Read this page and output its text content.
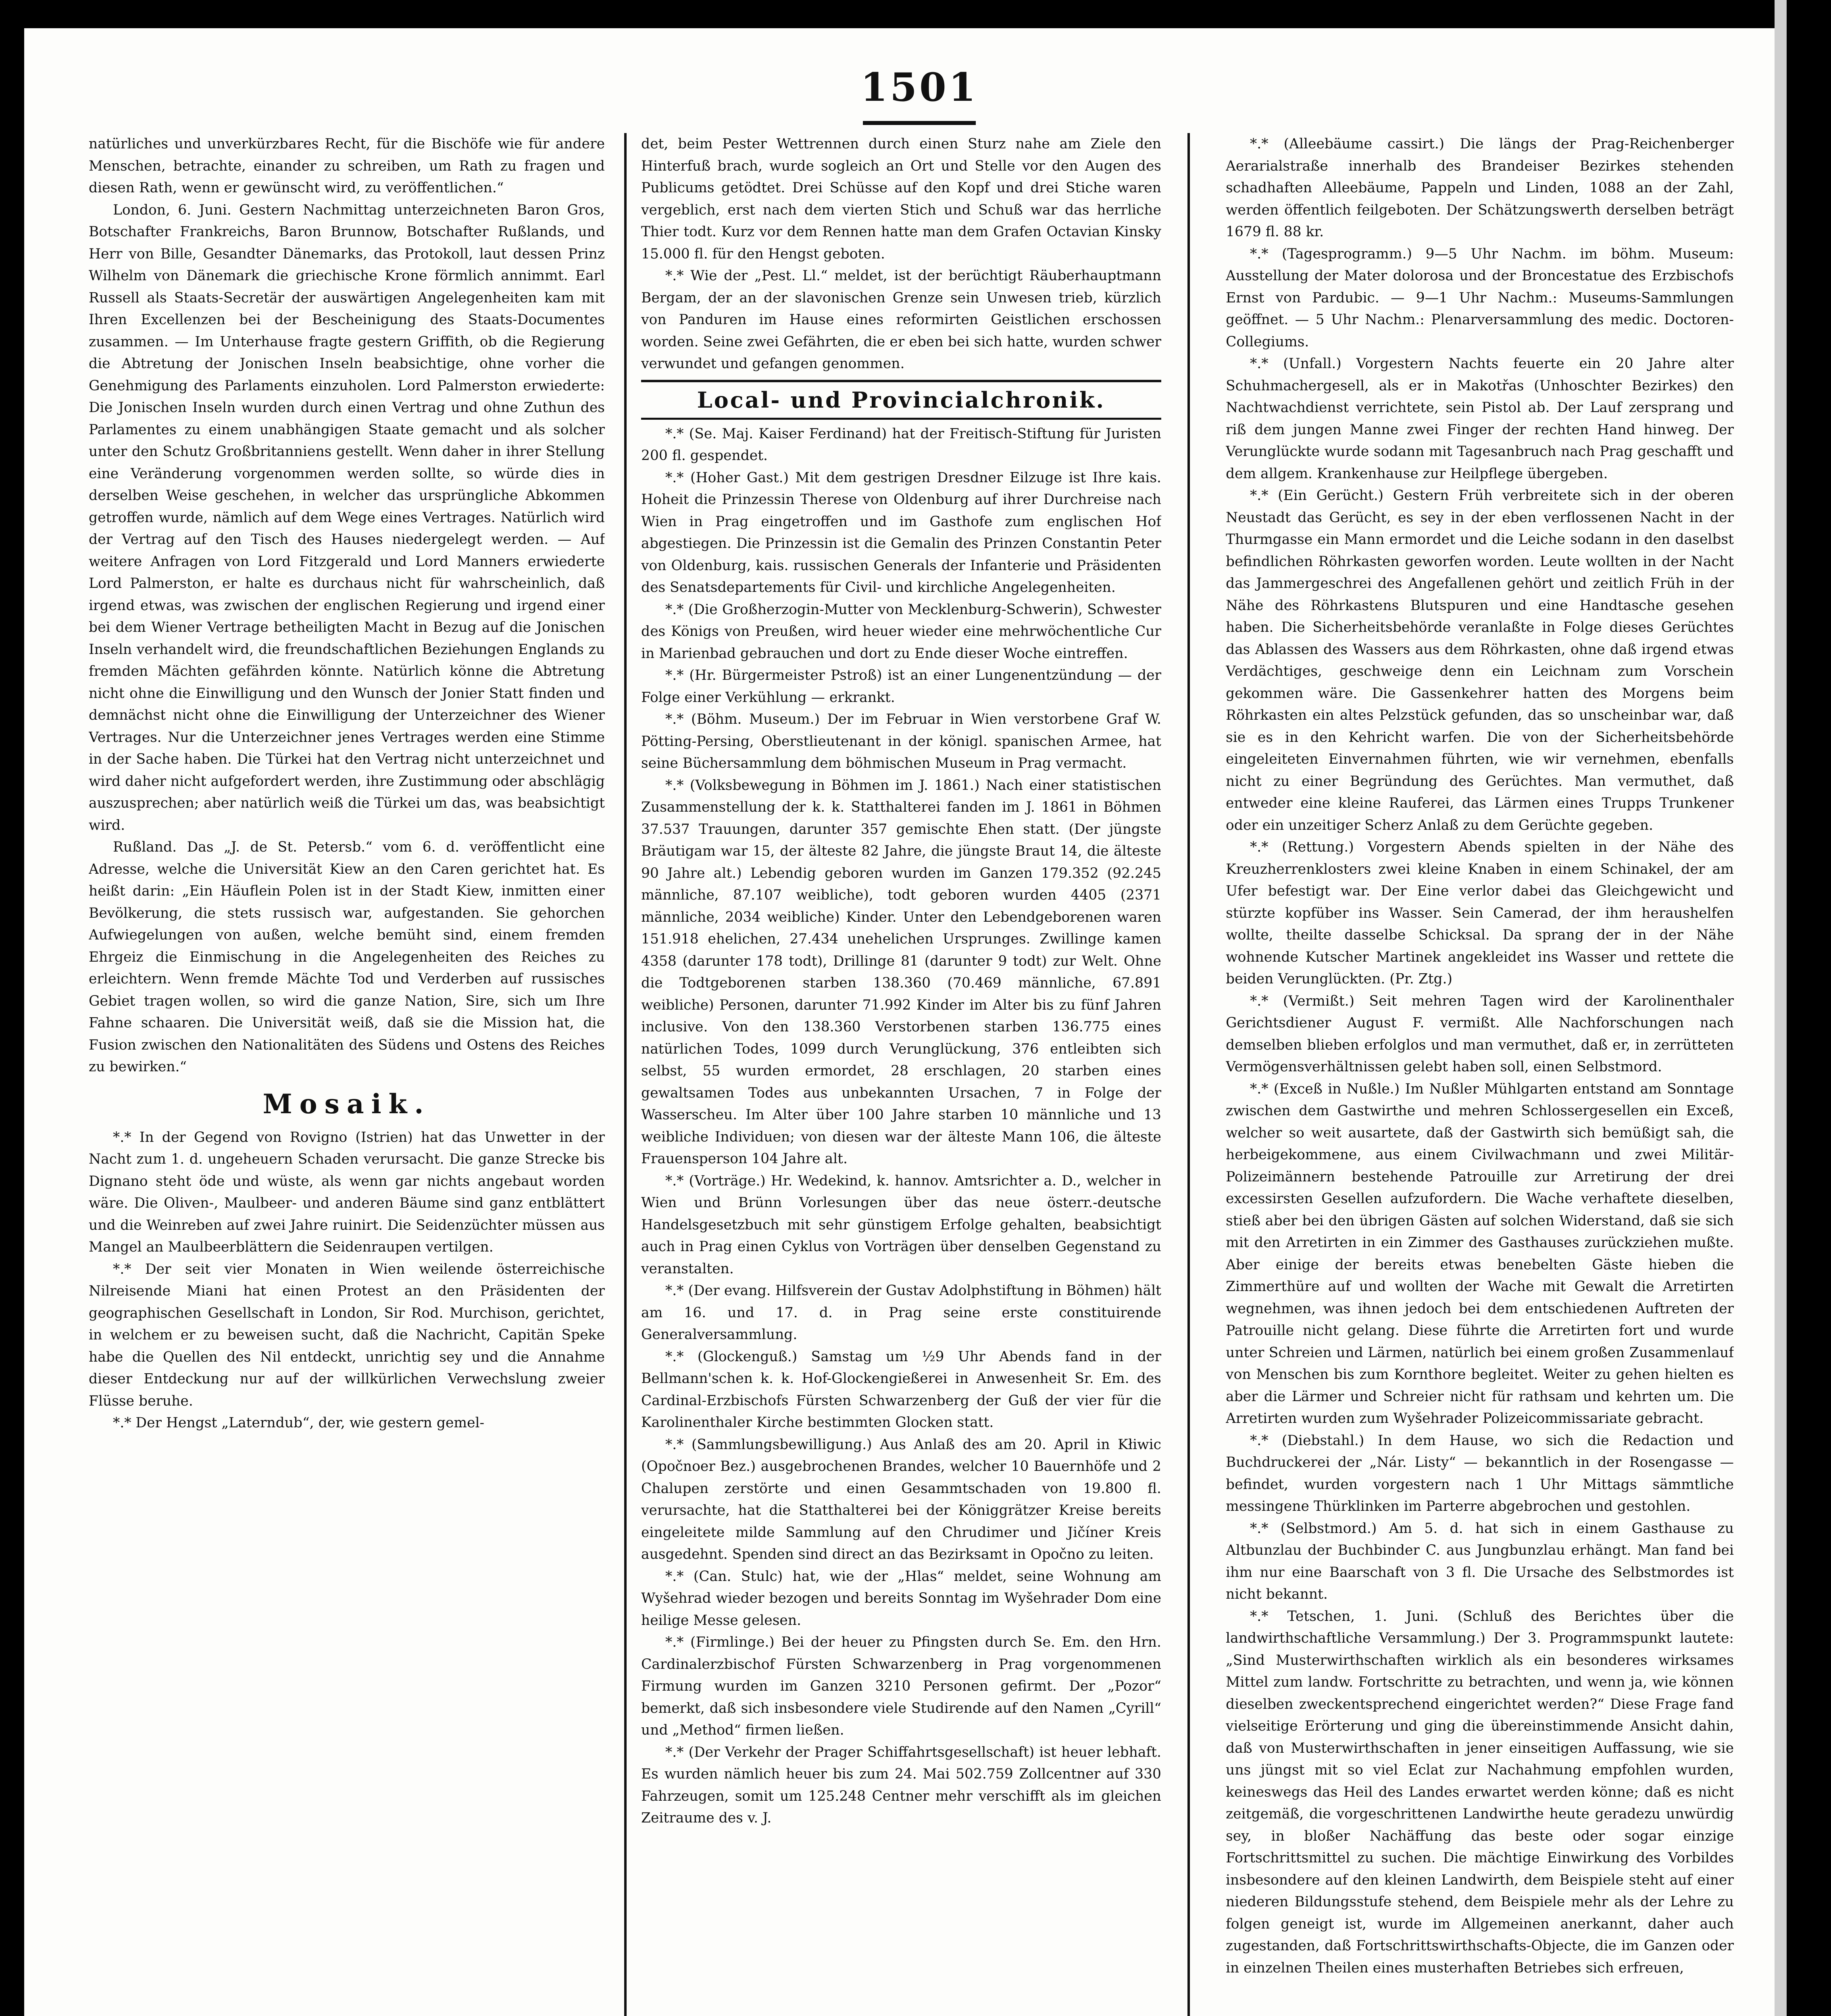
1501

natürliches und unverkürzbares Recht, für die Bischöfe wie für andere Menschen, betrachte, einander zu schreiben, um Rath zu fragen und diesen Rath, wenn er gewünscht wird, zu veröffentlichen.“

London, 6. Juni. Gestern Nachmittag unterzeichneten Baron Gros, Botschafter Frankreichs, Baron Brunnow, Botschafter Rußlands, und Herr von Bille, Gesandter Dänemarks, das Protokoll, laut dessen Prinz Wilhelm von Dänemark die griechische Krone förmlich annimmt. Earl Russell als Staats-Secretär der auswärtigen Angelegenheiten kam mit Ihren Excellenzen bei der Bescheinigung des Staats-Documentes zusammen. — Im Unterhause fragte gestern Griffith, ob die Regierung die Abtretung der Jonischen Inseln beabsichtige, ohne vorher die Genehmigung des Parlaments einzuholen. Lord Palmerston erwiederte: Die Jonischen Inseln wurden durch einen Vertrag und ohne Zuthun des Parlamentes zu einem unabhängigen Staate gemacht und als solcher unter den Schutz Großbritanniens gestellt. Wenn daher in ihrer Stellung eine Veränderung vorgenommen werden sollte, so würde dies in derselben Weise geschehen, in welcher das ursprüngliche Abkommen getroffen wurde, nämlich auf dem Wege eines Vertrages. Natürlich wird der Vertrag auf den Tisch des Hauses niedergelegt werden. — Auf weitere Anfragen von Lord Fitzgerald und Lord Manners erwiederte Lord Palmerston, er halte es durchaus nicht für wahrscheinlich, daß irgend etwas, was zwischen der englischen Regierung und irgend einer bei dem Wiener Vertrage betheiligten Macht in Bezug auf die Jonischen Inseln verhandelt wird, die freundschaftlichen Beziehungen Englands zu fremden Mächten gefährden könnte. Natürlich könne die Abtretung nicht ohne die Einwilligung und den Wunsch der Jonier Statt finden und demnächst nicht ohne die Einwilligung der Unterzeichner des Wiener Vertrages. Nur die Unterzeichner jenes Vertrages werden eine Stimme in der Sache haben. Die Türkei hat den Vertrag nicht unterzeichnet und wird daher nicht aufgefordert werden, ihre Zustimmung oder abschlägig auszusprechen; aber natürlich weiß die Türkei um das, was beabsichtigt wird.

Rußland. Das „J. de St. Petersb.“ vom 6. d. veröffentlicht eine Adresse, welche die Universität Kiew an den Caren gerichtet hat. Es heißt darin: „Ein Häuflein Polen ist in der Stadt Kiew, inmitten einer Bevölkerung, die stets russisch war, aufgestanden. Sie gehorchen Aufwiegelungen von außen, welche bemüht sind, einem fremden Ehrgeiz die Einmischung in die Angelegenheiten des Reiches zu erleichtern. Wenn fremde Mächte Tod und Verderben auf russisches Gebiet tragen wollen, so wird die ganze Nation, Sire, sich um Ihre Fahne schaaren. Die Universität weiß, daß sie die Mission hat, die Fusion zwischen den Nationalitäten des Südens und Ostens des Reiches zu bewirken.“

Mosaik.

*.* In der Gegend von Rovigno (Istrien) hat das Unwetter in der Nacht zum 1. d. ungeheuern Schaden verursacht. Die ganze Strecke bis Dignano steht öde und wüste, als wenn gar nichts angebaut worden wäre. Die Oliven-, Maulbeer- und anderen Bäume sind ganz entblättert und die Weinreben auf zwei Jahre ruinirt. Die Seidenzüchter müssen aus Mangel an Maulbeerblättern die Seidenraupen vertilgen.

*.* Der seit vier Monaten in Wien weilende österreichische Nilreisende Miani hat einen Protest an den Präsidenten der geographischen Gesellschaft in London, Sir Rod. Murchison, gerichtet, in welchem er zu beweisen sucht, daß die Nachricht, Capitän Speke habe die Quellen des Nil entdeckt, unrichtig sey und die Annahme dieser Entdeckung nur auf der willkürlichen Verwechslung zweier Flüsse beruhe.

*.* Der Hengst „Laterndub“, der, wie gestern gemel-

det, beim Pester Wettrennen durch einen Sturz nahe am Ziele den Hinterfuß brach, wurde sogleich an Ort und Stelle vor den Augen des Publicums getödtet. Drei Schüsse auf den Kopf und drei Stiche waren vergeblich, erst nach dem vierten Stich und Schuß war das herrliche Thier todt. Kurz vor dem Rennen hatte man dem Grafen Octavian Kinsky 15.000 fl. für den Hengst geboten.

*.* Wie der „Pest. Ll.“ meldet, ist der berüchtigt Räuberhauptmann Bergam, der an der slavonischen Grenze sein Unwesen trieb, kürzlich von Panduren im Hause eines reformirten Geistlichen erschossen worden. Seine zwei Gefährten, die er eben bei sich hatte, wurden schwer verwundet und gefangen genommen.

Local- und Provincialchronik.

*.* (Se. Maj. Kaiser Ferdinand) hat der Freitisch-Stiftung für Juristen 200 fl. gespendet.

*.* (Hoher Gast.) Mit dem gestrigen Dresdner Eilzuge ist Ihre kais. Hoheit die Prinzessin Therese von Oldenburg auf ihrer Durchreise nach Wien in Prag eingetroffen und im Gasthofe zum englischen Hof abgestiegen. Die Prinzessin ist die Gemalin des Prinzen Constantin Peter von Oldenburg, kais. russischen Generals der Infanterie und Präsidenten des Senatsdepartements für Civil- und kirchliche Angelegenheiten.

*.* (Die Großherzogin-Mutter von Mecklenburg-Schwerin), Schwester des Königs von Preußen, wird heuer wieder eine mehrwöchentliche Cur in Marienbad gebrauchen und dort zu Ende dieser Woche eintreffen.

*.* (Hr. Bürgermeister Pstroß) ist an einer Lungenentzündung — der Folge einer Verkühlung — erkrankt.

*.* (Böhm. Museum.) Der im Februar in Wien verstorbene Graf W. Pötting-Persing, Oberstlieutenant in der königl. spanischen Armee, hat seine Büchersammlung dem böhmischen Museum in Prag vermacht.

*.* (Volksbewegung in Böhmen im J. 1861.) Nach einer statistischen Zusammenstellung der k. k. Statthalterei fanden im J. 1861 in Böhmen 37.537 Trauungen, darunter 357 gemischte Ehen statt. (Der jüngste Bräutigam war 15, der älteste 82 Jahre, die jüngste Braut 14, die älteste 90 Jahre alt.) Lebendig geboren wurden im Ganzen 179.352 (92.245 männliche, 87.107 weibliche), todt geboren wurden 4405 (2371 männliche, 2034 weibliche) Kinder. Unter den Lebendgeborenen waren 151.918 ehelichen, 27.434 unehelichen Ursprunges. Zwillinge kamen 4358 (darunter 178 todt), Drillinge 81 (darunter 9 todt) zur Welt. Ohne die Todtgeborenen starben 138.360 (70.469 männliche, 67.891 weibliche) Personen, darunter 71.992 Kinder im Alter bis zu fünf Jahren inclusive. Von den 138.360 Verstorbenen starben 136.775 eines natürlichen Todes, 1099 durch Verunglückung, 376 entleibten sich selbst, 55 wurden ermordet, 28 erschlagen, 20 starben eines gewaltsamen Todes aus unbekannten Ursachen, 7 in Folge der Wasserscheu. Im Alter über 100 Jahre starben 10 männliche und 13 weibliche Individuen; von diesen war der älteste Mann 106, die älteste Frauensperson 104 Jahre alt.

*.* (Vorträge.) Hr. Wedekind, k. hannov. Amtsrichter a. D., welcher in Wien und Brünn Vorlesungen über das neue österr.-deutsche Handelsgesetzbuch mit sehr günstigem Erfolge gehalten, beabsichtigt auch in Prag einen Cyklus von Vorträgen über denselben Gegenstand zu veranstalten.

*.* (Der evang. Hilfsverein der Gustav Adolphstiftung in Böhmen) hält am 16. und 17. d. in Prag seine erste constituirende Generalversammlung.

*.* (Glockenguß.) Samstag um ½9 Uhr Abends fand in der Bellmann'schen k. k. Hof-Glockengießerei in Anwesenheit Sr. Em. des Cardinal-Erzbischofs Fürsten Schwarzenberg der Guß der vier für die Karolinenthaler Kirche bestimmten Glocken statt.

*.* (Sammlungsbewilligung.) Aus Anlaß des am 20. April in Kłiwic (Opočnoer Bez.) ausgebrochenen Brandes, welcher 10 Bauernhöfe und 2 Chalupen zerstörte und einen Gesammtschaden von 19.800 fl. verursachte, hat die Statthalterei bei der Königgrätzer Kreise bereits eingeleitete milde Sammlung auf den Chrudimer und Jičíner Kreis ausgedehnt. Spenden sind direct an das Bezirksamt in Opočno zu leiten.

*.* (Can. Stulc) hat, wie der „Hlas“ meldet, seine Wohnung am Wyšehrad wieder bezogen und bereits Sonntag im Wyšehrader Dom eine heilige Messe gelesen.

*.* (Firmlinge.) Bei der heuer zu Pfingsten durch Se. Em. den Hrn. Cardinalerzbischof Fürsten Schwarzenberg in Prag vorgenommenen Firmung wurden im Ganzen 3210 Personen gefirmt. Der „Pozor“ bemerkt, daß sich insbesondere viele Studirende auf den Namen „Cyrill“ und „Method“ firmen ließen.

*.* (Der Verkehr der Prager Schiffahrtsgesellschaft) ist heuer lebhaft. Es wurden nämlich heuer bis zum 24. Mai 502.759 Zollcentner auf 330 Fahrzeugen, somit um 125.248 Centner mehr verschifft als im gleichen Zeitraume des v. J.

*.* (Alleebäume cassirt.) Die längs der Prag-Reichenberger Aerarialstraße innerhalb des Brandeiser Bezirkes stehenden schadhaften Alleebäume, Pappeln und Linden, 1088 an der Zahl, werden öffentlich feilgeboten. Der Schätzungswerth derselben beträgt 1679 fl. 88 kr.

*.* (Tagesprogramm.) 9—5 Uhr Nachm. im böhm. Museum: Ausstellung der Mater dolorosa und der Broncestatue des Erzbischofs Ernst von Pardubic. — 9—1 Uhr Nachm.: Museums-Sammlungen geöffnet. — 5 Uhr Nachm.: Plenarversammlung des medic. Doctoren-Collegiums.

*.* (Unfall.) Vorgestern Nachts feuerte ein 20 Jahre alter Schuhmachergesell, als er in Makotřas (Unhoschter Bezirkes) den Nachtwachdienst verrichtete, sein Pistol ab. Der Lauf zersprang und riß dem jungen Manne zwei Finger der rechten Hand hinweg. Der Verunglückte wurde sodann mit Tagesanbruch nach Prag geschafft und dem allgem. Krankenhause zur Heilpflege übergeben.

*.* (Ein Gerücht.) Gestern Früh verbreitete sich in der oberen Neustadt das Gerücht, es sey in der eben verflossenen Nacht in der Thurmgasse ein Mann ermordet und die Leiche sodann in den daselbst befindlichen Röhrkasten geworfen worden. Leute wollten in der Nacht das Jammergeschrei des Angefallenen gehört und zeitlich Früh in der Nähe des Röhrkastens Blutspuren und eine Handtasche gesehen haben. Die Sicherheitsbehörde veranlaßte in Folge dieses Gerüchtes das Ablassen des Wassers aus dem Röhrkasten, ohne daß irgend etwas Verdächtiges, geschweige denn ein Leichnam zum Vorschein gekommen wäre. Die Gassenkehrer hatten des Morgens beim Röhrkasten ein altes Pelzstück gefunden, das so unscheinbar war, daß sie es in den Kehricht warfen. Die von der Sicherheitsbehörde eingeleiteten Einvernahmen führten, wie wir vernehmen, ebenfalls nicht zu einer Begründung des Gerüchtes. Man vermuthet, daß entweder eine kleine Rauferei, das Lärmen eines Trupps Trunkener oder ein unzeitiger Scherz Anlaß zu dem Gerüchte gegeben.

*.* (Rettung.) Vorgestern Abends spielten in der Nähe des Kreuzherrenklosters zwei kleine Knaben in einem Schinakel, der am Ufer befestigt war. Der Eine verlor dabei das Gleichgewicht und stürzte kopfüber ins Wasser. Sein Camerad, der ihm heraushelfen wollte, theilte dasselbe Schicksal. Da sprang der in der Nähe wohnende Kutscher Martinek angekleidet ins Wasser und rettete die beiden Verunglückten. (Pr. Ztg.)

*.* (Vermißt.) Seit mehren Tagen wird der Karolinenthaler Gerichtsdiener August F. vermißt. Alle Nachforschungen nach demselben blieben erfolglos und man vermuthet, daß er, in zerrütteten Vermögensverhältnissen gelebt haben soll, einen Selbstmord.

*.* (Exceß in Nußle.) Im Nußler Mühlgarten entstand am Sonntage zwischen dem Gastwirthe und mehren Schlossergesellen ein Exceß, welcher so weit ausartete, daß der Gastwirth sich bemüßigt sah, die herbeigekommene, aus einem Civilwachmann und zwei Militär-Polizeimännern bestehende Patrouille zur Arretirung der drei excessirsten Gesellen aufzufordern. Die Wache verhaftete dieselben, stieß aber bei den übrigen Gästen auf solchen Widerstand, daß sie sich mit den Arretirten in ein Zimmer des Gasthauses zurückziehen mußte. Aber einige der bereits etwas benebelten Gäste hieben die Zimmerthüre auf und wollten der Wache mit Gewalt die Arretirten wegnehmen, was ihnen jedoch bei dem entschiedenen Auftreten der Patrouille nicht gelang. Diese führte die Arretirten fort und wurde unter Schreien und Lärmen, natürlich bei einem großen Zusammenlauf von Menschen bis zum Kornthore begleitet. Weiter zu gehen hielten es aber die Lärmer und Schreier nicht für rathsam und kehrten um. Die Arretirten wurden zum Wyšehrader Polizeicommissariate gebracht.

*.* (Diebstahl.) In dem Hause, wo sich die Redaction und Buchdruckerei der „Nár. Listy“ — bekanntlich in der Rosengasse — befindet, wurden vorgestern nach 1 Uhr Mittags sämmtliche messingene Thürklinken im Parterre abgebrochen und gestohlen.

*.* (Selbstmord.) Am 5. d. hat sich in einem Gasthause zu Altbunzlau der Buchbinder C. aus Jungbunzlau erhängt. Man fand bei ihm nur eine Baarschaft von 3 fl. Die Ursache des Selbstmordes ist nicht bekannt.

*.* Tetschen, 1. Juni. (Schluß des Berichtes über die landwirthschaftliche Versammlung.) Der 3. Programmspunkt lautete: „Sind Musterwirthschaften wirklich als ein besonderes wirksames Mittel zum landw. Fortschritte zu betrachten, und wenn ja, wie können dieselben zweckentsprechend eingerichtet werden?“ Diese Frage fand vielseitige Erörterung und ging die übereinstimmende Ansicht dahin, daß von Musterwirthschaften in jener einseitigen Auffassung, wie sie uns jüngst mit so viel Eclat zur Nachahmung empfohlen wurden, keineswegs das Heil des Landes erwartet werden könne; daß es nicht zeitgemäß, die vorgeschrittenen Landwirthe heute geradezu unwürdig sey, in bloßer Nachäffung das beste oder sogar einzige Fortschrittsmittel zu suchen. Die mächtige Einwirkung des Vorbildes insbesondere auf den kleinen Landwirth, dem Beispiele steht auf einer niederen Bildungsstufe stehend, dem Beispiele mehr als der Lehre zu folgen geneigt ist, wurde im Allgemeinen anerkannt, daher auch zugestanden, daß Fortschrittswirthschafts-Objecte, die im Ganzen oder in einzelnen Theilen eines musterhaften Betriebes sich erfreuen,
